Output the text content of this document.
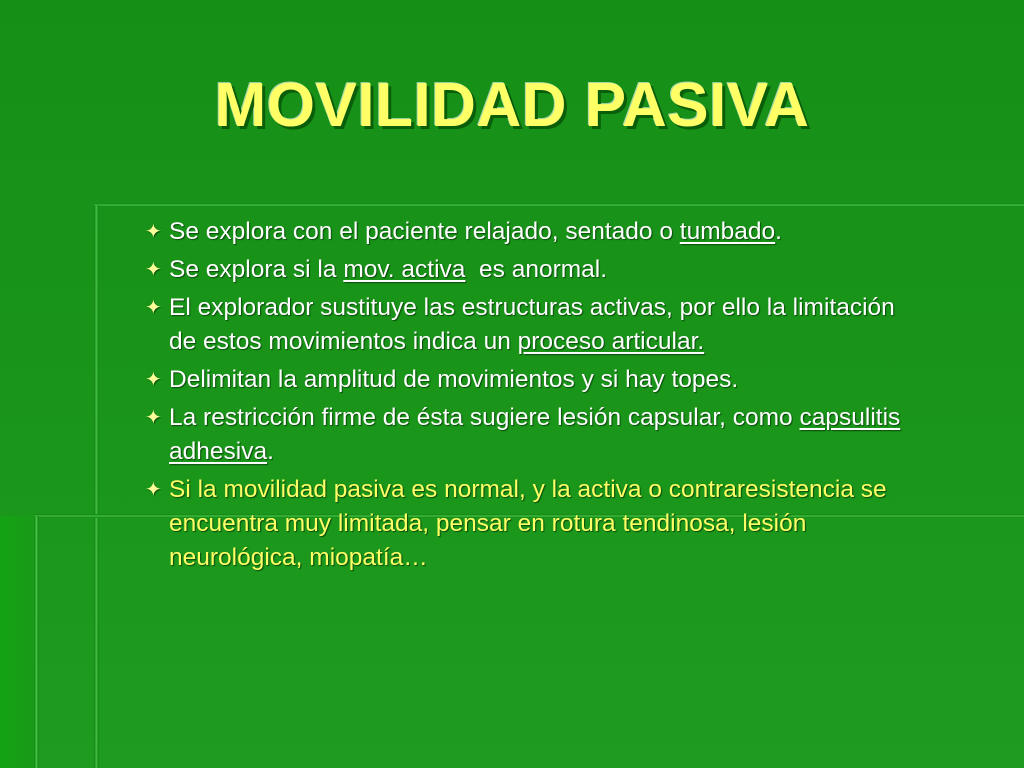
MOVILIDAD PASIVA
✦ Se explora con el paciente relajado, sentado o tumbado.
✦ Se explora si la mov. activa  es anormal.
✦ El explorador sustituye las estructuras activas, por ello la limitación de estos movimientos indica un proceso articular.
✦ Delimitan la amplitud de movimientos y si hay topes.
✦ La restricción firme de ésta sugiere lesión capsular, como capsulitis adhesiva.
✦ Si la movilidad pasiva es normal, y la activa o contraresistencia se encuentra muy limitada, pensar en rotura tendinosa, lesión neurológica, miopatía…
